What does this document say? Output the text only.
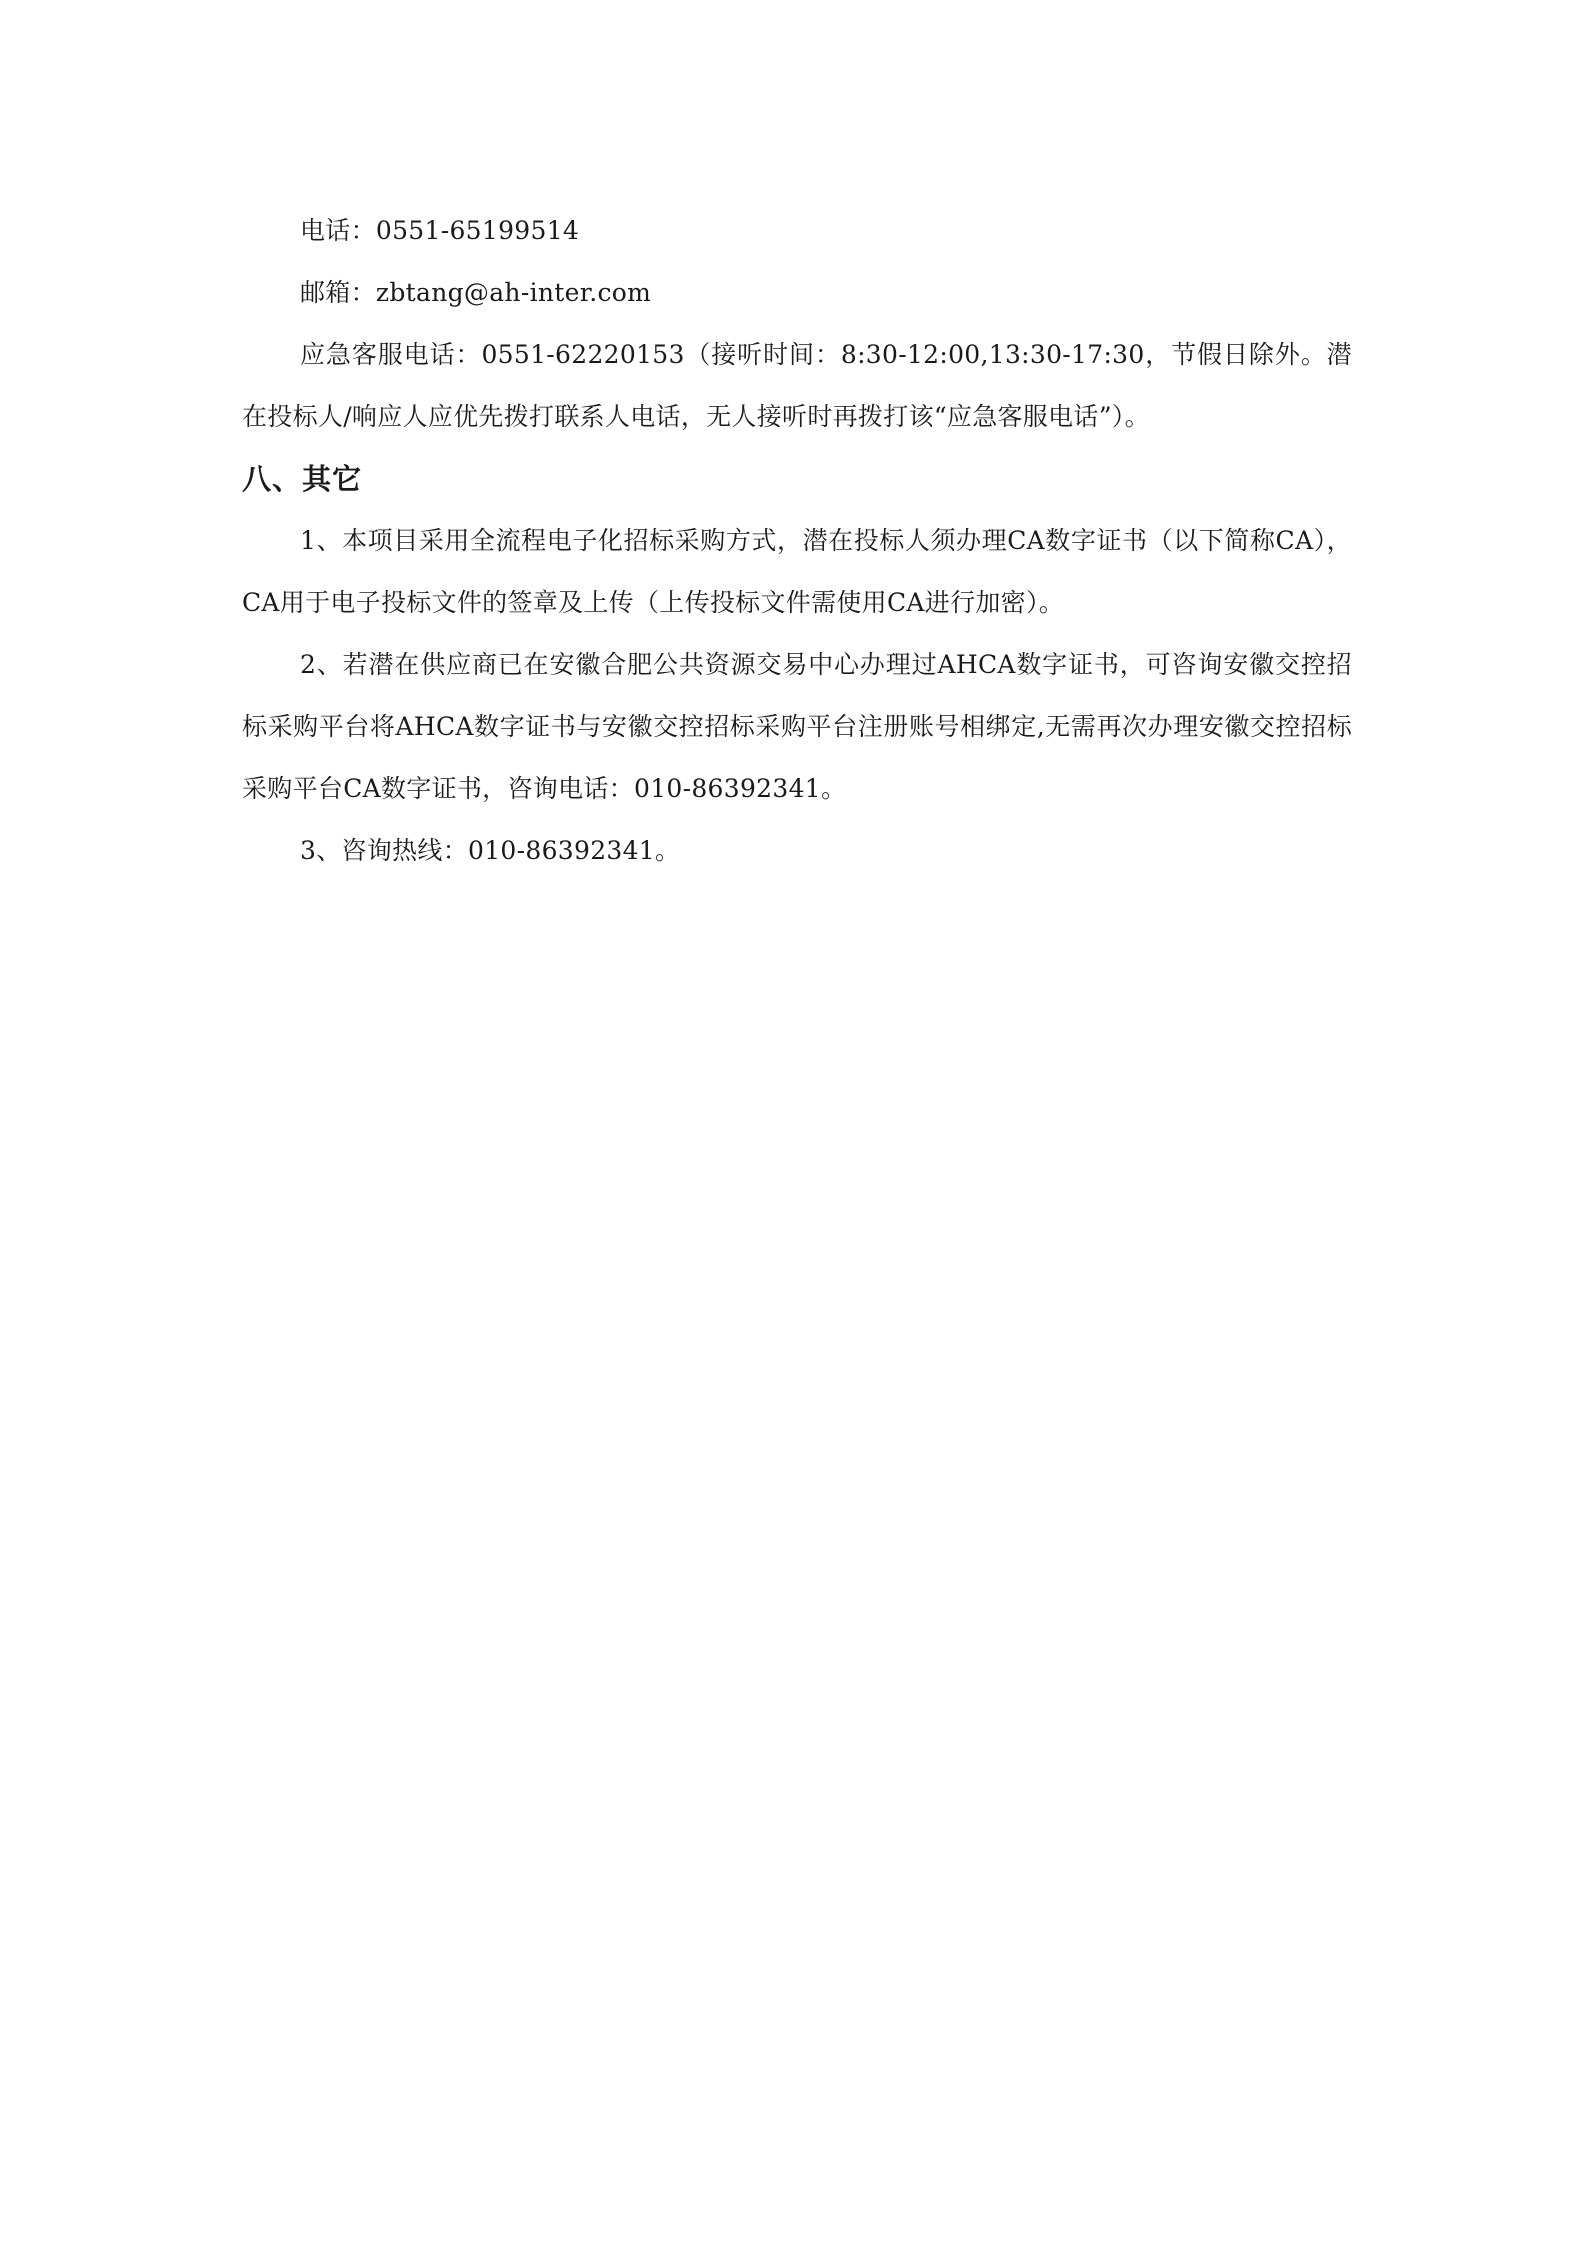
电话：0551-65199514

邮箱：zbtang@ah-inter.com

应急客服电话：0551-62220153（接听时间：8:30-12:00,13:30-17:30，节假日除外。潜在投标人/响应人应优先拨打联系人电话，无人接听时再拨打该“应急客服电话”）。

八、其它

1、本项目采用全流程电子化招标采购方式，潜在投标人须办理CA数字证书（以下简称CA），CA用于电子投标文件的签章及上传（上传投标文件需使用CA进行加密）。

2、若潜在供应商已在安徽合肥公共资源交易中心办理过AHCA数字证书，可咨询安徽交控招标采购平台将AHCA数字证书与安徽交控招标采购平台注册账号相绑定,无需再次办理安徽交控招标采购平台CA数字证书，咨询电话：010-86392341。

3、咨询热线：010-86392341。
